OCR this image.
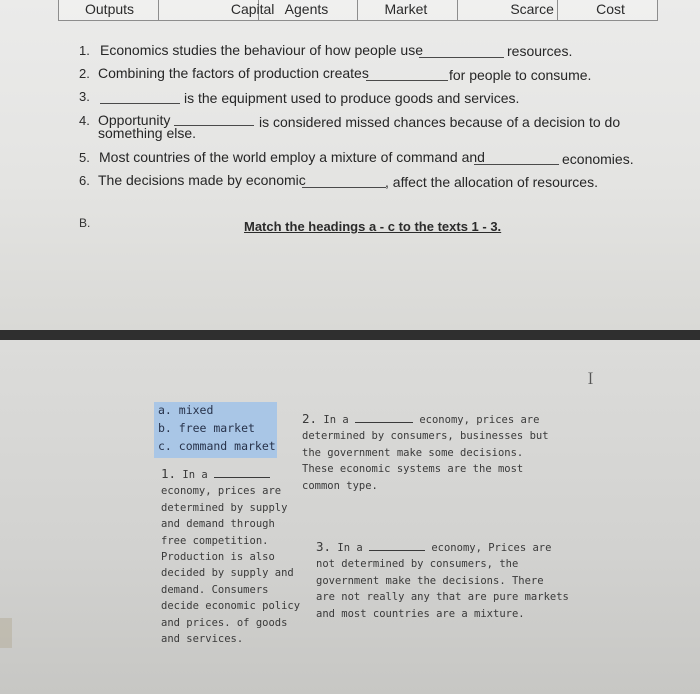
Outputs	Capital	Agents	Market	Scarce	Cost
1. Economics studies the behaviour of how people use	resources.
2. Combining the factors of production creates	for people to consume.
3.	is the equipment used to produce goods and services.
4. Opportunity	is considered missed chances because of a decision to do
something else.
5. Most countries of the world employ a mixture of command and	economies.
6. The decisions made by economic	, affect the allocation of resources.
B.	Match the headings a - c to the texts 1 - 3.
Ｉ
a. mixed
b. free market
c. command market
1. In a
economy, prices are
determined by supply
and demand through
free competition.
Production is also
decided by supply and
demand. Consumers
decide economic policy
and prices. of goods
and services.
2. In a	economy, prices are
determined by consumers, businesses but
the government make some decisions.
These economic systems are the most
common type.
3. In a	economy, Prices are
not determined by consumers, the
government make the decisions. There
are not really any that are pure markets
and most countries are a mixture.
